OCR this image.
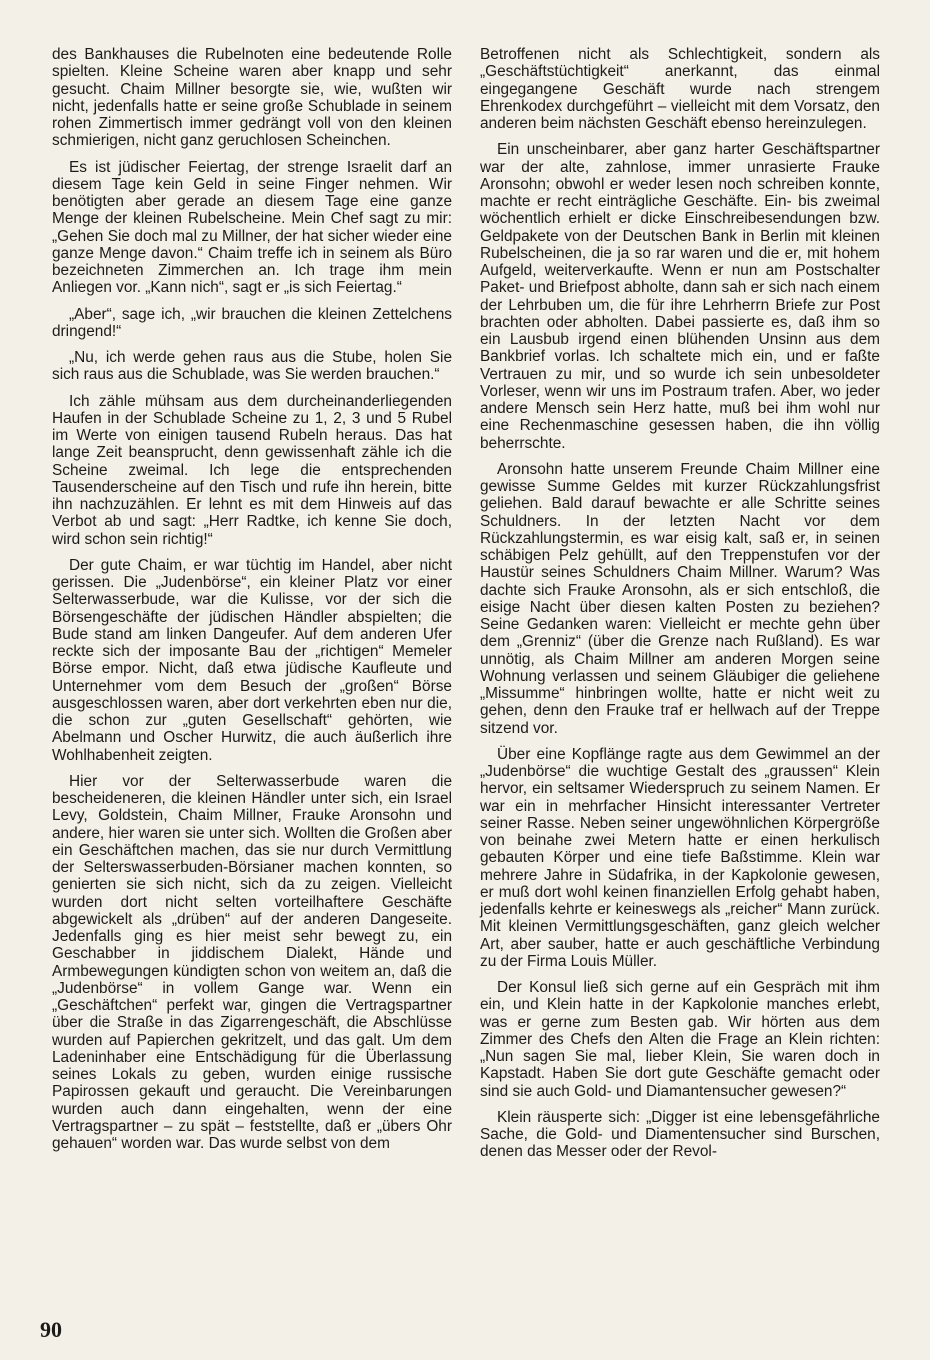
des Bankhauses die Rubelnoten eine bedeutende Rolle spielten. Kleine Scheine waren aber knapp und sehr gesucht. Chaim Millner besorgte sie, wie, wußten wir nicht, jedenfalls hatte er seine große Schublade in seinem rohen Zimmertisch immer gedrängt voll von den kleinen schmierigen, nicht ganz geruchlosen Scheinchen.

Es ist jüdischer Feiertag, der strenge Israelit darf an diesem Tage kein Geld in seine Finger nehmen. Wir benötigten aber gerade an diesem Tage eine ganze Menge der kleinen Rubelscheine. Mein Chef sagt zu mir: „Gehen Sie doch mal zu Millner, der hat sicher wieder eine ganze Menge davon.“ Chaim treffe ich in seinem als Büro bezeichneten Zimmerchen an. Ich trage ihm mein Anliegen vor. „Kann nich“, sagt er „is sich Feiertag.“

„Aber“, sage ich, „wir brauchen die kleinen Zettelchens dringend!“

„Nu, ich werde gehen raus aus die Stube, holen Sie sich raus aus die Schublade, was Sie werden brauchen.“

Ich zähle mühsam aus dem durcheinanderliegenden Haufen in der Schublade Scheine zu 1, 2, 3 und 5 Rubel im Werte von einigen tausend Rubeln heraus. Das hat lange Zeit beansprucht, denn gewissenhaft zähle ich die Scheine zweimal. Ich lege die entsprechenden Tausenderscheine auf den Tisch und rufe ihn herein, bitte ihn nachzuzählen. Er lehnt es mit dem Hinweis auf das Verbot ab und sagt: „Herr Radtke, ich kenne Sie doch, wird schon sein richtig!“

Der gute Chaim, er war tüchtig im Handel, aber nicht gerissen. Die „Judenbörse“, ein kleiner Platz vor einer Selterwasserbude, war die Kulisse, vor der sich die Börsengeschäfte der jüdischen Händler abspielten; die Bude stand am linken Dangeufer. Auf dem anderen Ufer reckte sich der imposante Bau der „richtigen“ Memeler Börse empor. Nicht, daß etwa jüdische Kaufleute und Unternehmer vom dem Besuch der „großen“ Börse ausgeschlossen waren, aber dort verkehrten eben nur die, die schon zur „guten Gesellschaft“ gehörten, wie Abelmann und Oscher Hurwitz, die auch äußerlich ihre Wohlhabenheit zeigten.

Hier vor der Selterwasserbude waren die bescheideneren, die kleinen Händler unter sich, ein Israel Levy, Goldstein, Chaim Millner, Frauke Aronsohn und andere, hier waren sie unter sich. Wollten die Großen aber ein Geschäftchen machen, das sie nur durch Vermittlung der Selterswasserbuden-Börsianer machen konnten, so genierten sie sich nicht, sich da zu zeigen. Vielleicht wurden dort nicht selten vorteilhaftere Geschäfte abgewickelt als „drüben“ auf der anderen Dangeseite. Jedenfalls ging es hier meist sehr bewegt zu, ein Geschabber in jiddischem Dialekt, Hände und Armbewegungen kündigten schon von weitem an, daß die „Judenbörse“ in vollem Gange war. Wenn ein „Geschäftchen“ perfekt war, gingen die Vertragspartner über die Straße in das Zigarrengeschäft, die Abschlüsse wurden auf Papierchen gekritzelt, und das galt. Um dem Ladeninhaber eine Entschädigung für die Überlassung seines Lokals zu geben, wurden einige russische Papirossen gekauft und geraucht. Die Vereinbarungen wurden auch dann eingehalten, wenn der eine Vertragspartner – zu spät – feststellte, daß er „übers Ohr gehauen“ worden war. Das wurde selbst von dem

Betroffenen nicht als Schlechtigkeit, sondern als „Geschäftstüchtigkeit“ anerkannt, das einmal eingegangene Geschäft wurde nach strengem Ehrenkodex durchgeführt – vielleicht mit dem Vorsatz, den anderen beim nächsten Geschäft ebenso hereinzulegen.

Ein unscheinbarer, aber ganz harter Geschäftspartner war der alte, zahnlose, immer unrasierte Frauke Aronsohn; obwohl er weder lesen noch schreiben konnte, machte er recht einträgliche Geschäfte. Ein- bis zweimal wöchentlich erhielt er dicke Einschreibesendungen bzw. Geldpakete von der Deutschen Bank in Berlin mit kleinen Rubelscheinen, die ja so rar waren und die er, mit hohem Aufgeld, weiterverkaufte. Wenn er nun am Postschalter Paket- und Briefpost abholte, dann sah er sich nach einem der Lehrbuben um, die für ihre Lehrherrn Briefe zur Post brachten oder abholten. Dabei passierte es, daß ihm so ein Lausbub irgend einen blühenden Unsinn aus dem Bankbrief vorlas. Ich schaltete mich ein, und er faßte Vertrauen zu mir, und so wurde ich sein unbesoldeter Vorleser, wenn wir uns im Postraum trafen. Aber, wo jeder andere Mensch sein Herz hatte, muß bei ihm wohl nur eine Rechenmaschine gesessen haben, die ihn völlig beherrschte.

Aronsohn hatte unserem Freunde Chaim Millner eine gewisse Summe Geldes mit kurzer Rückzahlungsfrist geliehen. Bald darauf bewachte er alle Schritte seines Schuldners. In der letzten Nacht vor dem Rückzahlungstermin, es war eisig kalt, saß er, in seinen schäbigen Pelz gehüllt, auf den Treppenstufen vor der Haustür seines Schuldners Chaim Millner. Warum? Was dachte sich Frauke Aronsohn, als er sich entschloß, die eisige Nacht über diesen kalten Posten zu beziehen? Seine Gedanken waren: Vielleicht er mechte gehn über dem „Grenniz“ (über die Grenze nach Rußland). Es war unnötig, als Chaim Millner am anderen Morgen seine Wohnung verlassen und seinem Gläubiger die geliehene „Missumme“ hinbringen wollte, hatte er nicht weit zu gehen, denn den Frauke traf er hellwach auf der Treppe sitzend vor.

Über eine Kopflänge ragte aus dem Gewimmel an der „Judenbörse“ die wuchtige Gestalt des „graussen“ Klein hervor, ein seltsamer Wiederspruch zu seinem Namen. Er war ein in mehrfacher Hinsicht interessanter Vertreter seiner Rasse. Neben seiner ungewöhnlichen Körpergröße von beinahe zwei Metern hatte er einen herkulisch gebauten Körper und eine tiefe Baßstimme. Klein war mehrere Jahre in Südafrika, in der Kapkolonie gewesen, er muß dort wohl keinen finanziellen Erfolg gehabt haben, jedenfalls kehrte er keineswegs als „reicher“ Mann zurück. Mit kleinen Vermittlungsgeschäften, ganz gleich welcher Art, aber sauber, hatte er auch geschäftliche Verbindung zu der Firma Louis Müller.

Der Konsul ließ sich gerne auf ein Gespräch mit ihm ein, und Klein hatte in der Kapkolonie manches erlebt, was er gerne zum Besten gab. Wir hörten aus dem Zimmer des Chefs den Alten die Frage an Klein richten: „Nun sagen Sie mal, lieber Klein, Sie waren doch in Kapstadt. Haben Sie dort gute Geschäfte gemacht oder sind sie auch Gold- und Diamantensucher gewesen?“

Klein räusperte sich: „Digger ist eine lebensgefährliche Sache, die Gold- und Diamentensucher sind Burschen, denen das Messer oder der Revol-

90
